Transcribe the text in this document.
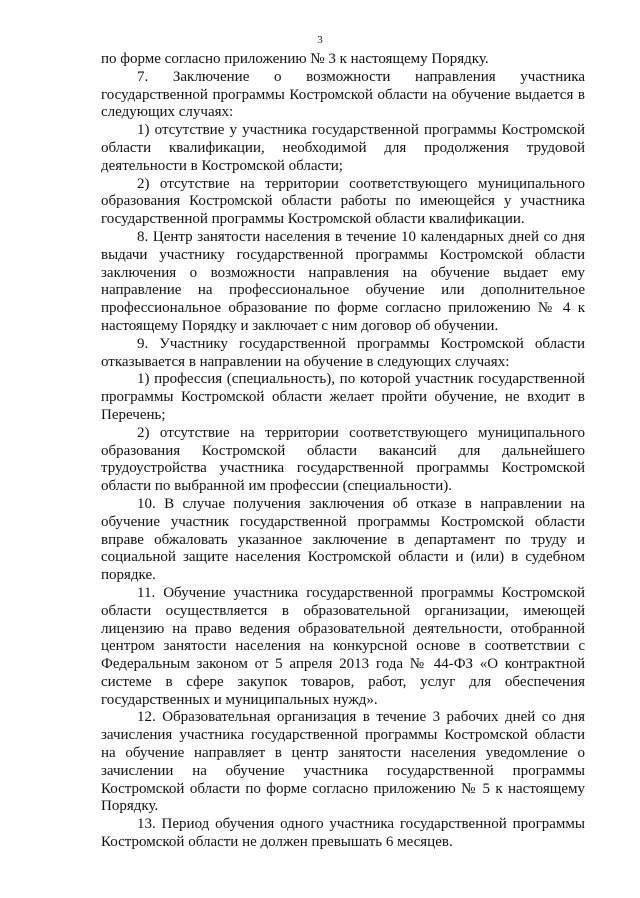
3

по форме согласно приложению № 3 к настоящему Порядку.

7. Заключение о возможности направления участника государственной программы Костромской области на обучение выдается в следующих случаях:

1) отсутствие у участника государственной программы Костромской области квалификации, необходимой для продолжения трудовой деятельности в Костромской области;

2) отсутствие на территории соответствующего муниципального образования Костромской области работы по имеющейся у участника государственной программы Костромской области квалификации.

8. Центр занятости населения в течение 10 календарных дней со дня выдачи участнику государственной программы Костромской области заключения о возможности направления на обучение выдает ему направление на профессиональное обучение или дополнительное профессиональное образование по форме согласно приложению № 4 к настоящему Порядку и заключает с ним договор об обучении.

9. Участнику государственной программы Костромской области отказывается в направлении на обучение в следующих случаях:

1) профессия (специальность), по которой участник государственной программы Костромской области желает пройти обучение, не входит в Перечень;

2) отсутствие на территории соответствующего муниципального образования Костромской области вакансий для дальнейшего трудоустройства участника государственной программы Костромской области по выбранной им профессии (специальности).

10. В случае получения заключения об отказе в направлении на обучение участник государственной программы Костромской области вправе обжаловать указанное заключение в департамент по труду и социальной защите населения Костромской области и (или) в судебном порядке.

11. Обучение участника государственной программы Костромской области осуществляется в образовательной организации, имеющей лицензию на право ведения образовательной деятельности, отобранной центром занятости населения на конкурсной основе в соответствии с Федеральным законом от 5 апреля 2013 года № 44-ФЗ «О контрактной системе в сфере закупок товаров, работ, услуг для обеспечения государственных и муниципальных нужд».

12. Образовательная организация в течение 3 рабочих дней со дня зачисления участника государственной программы Костромской области на обучение направляет в центр занятости населения уведомление о зачислении на обучение участника государственной программы Костромской области по форме согласно приложению № 5 к настоящему Порядку.

13. Период обучения одного участника государственной программы Костромской области не должен превышать 6 месяцев.
